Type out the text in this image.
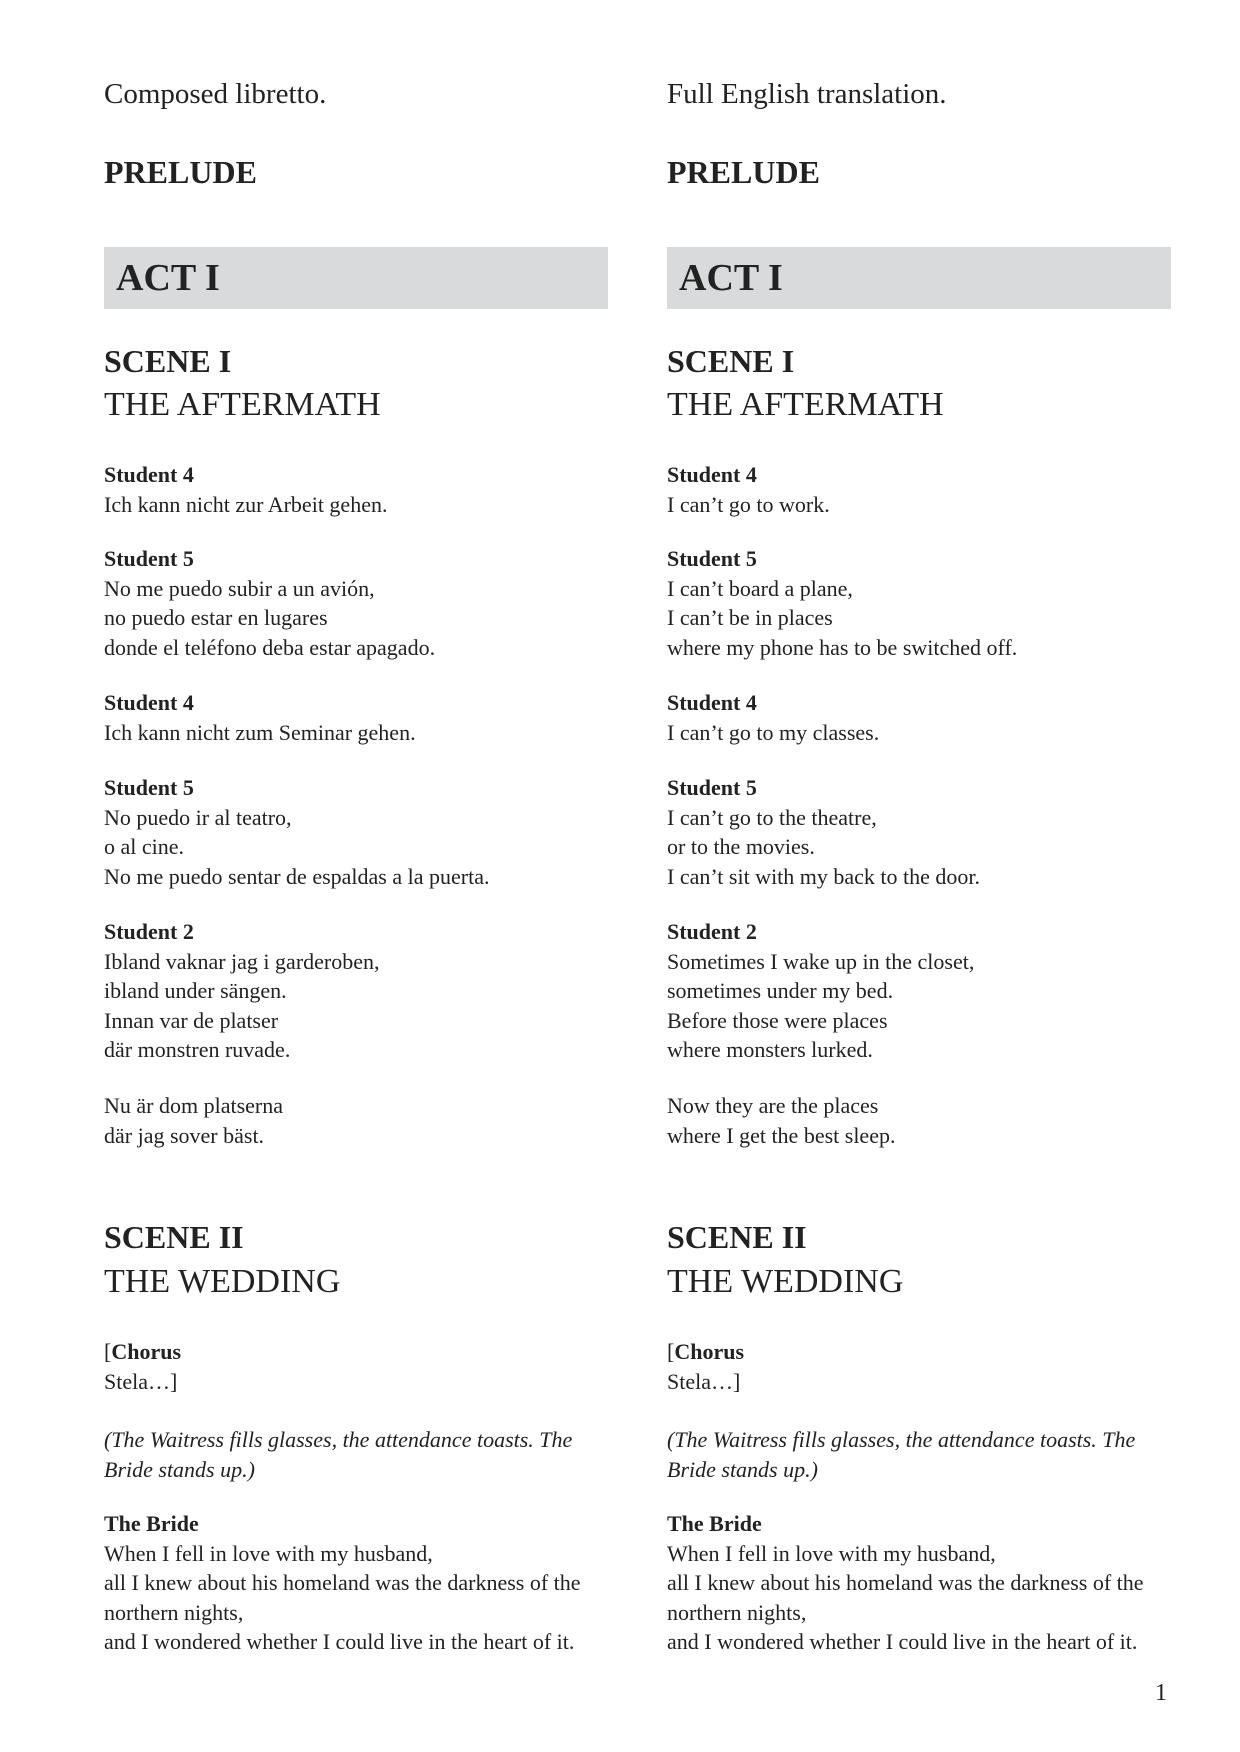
Composed libretto.
PRELUDE
ACT I
SCENE I
THE AFTERMATH
Student 4
Ich kann nicht zur Arbeit gehen.
Student 5
No me puedo subir a un avión,
no puedo estar en lugares
donde el teléfono deba estar apagado.
Student 4
Ich kann nicht zum Seminar gehen.
Student 5
No puedo ir al teatro,
o al cine.
No me puedo sentar de espaldas a la puerta.
Student 2
Ibland vaknar jag i garderoben,
ibland under sängen.
Innan var de platser
där monstren ruvade.
Nu är dom platserna
där jag sover bäst.
SCENE II
THE WEDDING
[Chorus
Stela…]
(The Waitress fills glasses, the attendance toasts. The Bride stands up.)
The Bride
When I fell in love with my husband,
all I knew about his homeland was the darkness of the northern nights,
and I wondered whether I could live in the heart of it.
Full English translation.
PRELUDE
ACT I
SCENE I
THE AFTERMATH
Student 4
I can’t go to work.
Student 5
I can’t board a plane,
I can’t be in places
where my phone has to be switched off.
Student 4
I can’t go to my classes.
Student 5
I can’t go to the theatre,
or to the movies.
I can’t sit with my back to the door.
Student 2
Sometimes I wake up in the closet,
sometimes under my bed.
Before those were places
where monsters lurked.
Now they are the places
where I get the best sleep.
SCENE II
THE WEDDING
[Chorus
Stela…]
(The Waitress fills glasses, the attendance toasts. The Bride stands up.)
The Bride
When I fell in love with my husband,
all I knew about his homeland was the darkness of the northern nights,
and I wondered whether I could live in the heart of it.
1
